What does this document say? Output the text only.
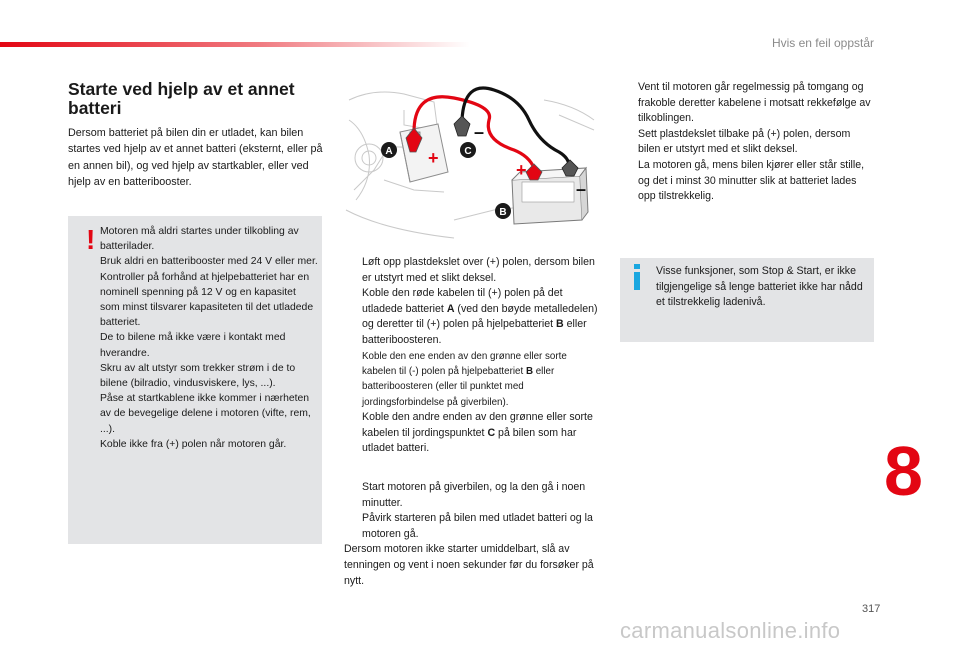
Hvis en feil oppstår
Starte ved hjelp av et annet batteri

Dersom batteriet på bilen din er utladet, kan bilen startes ved hjelp av et annet batteri (eksternt, eller på en annen bil), og ved hjelp av startkabler, eller ved hjelp av en batteribooster.

! Motoren må aldri startes under tilkobling av batterilader.
Bruk aldri en batteribooster med 24 V eller mer.
Kontroller på forhånd at hjelpebatteriet har en nominell spenning på 12 V og en kapasitet som minst tilsvarer kapasiteten til det utladede batteriet.
De to bilene må ikke være i kontakt med hverandre.
Skru av alt utstyr som trekker strøm i de to bilene (bilradio, vindusviskere, lys, ...).
Påse at startkablene ikke kommer i nærheten av de bevegelige delene i motoren (vifte, rem, ...).
Koble ikke fra (+) polen når motoren går.
+
–
+
–
A	C
B
Løft opp plastdekslet over (+) polen, dersom bilen er utstyrt med et slikt deksel.
Koble den røde kabelen til (+) polen på det utladede batteriet A (ved den bøyde metalledelen) og deretter til (+) polen på hjelpebatteriet B eller batteriboosteren.
Koble den ene enden av den grønne eller sorte kabelen til (-) polen på hjelpebatteriet B eller batteriboosteren (eller til punktet med jordingsforbindelse på giverbilen).
Koble den andre enden av den grønne eller sorte kabelen til jordingspunktet C på bilen som har utladet batteri.
Start motoren på giverbilen, og la den gå i noen minutter.
Påvirk starteren på bilen med utladet batteri og la motoren gå.
Dersom motoren ikke starter umiddelbart, slå av tenningen og vent i noen sekunder før du forsøker på nytt.
Vent til motoren går regelmessig på tomgang og frakoble deretter kabelene i motsatt rekkefølge av tilkoblingen.
Sett plastdekslet tilbake på (+) polen, dersom bilen er utstyrt med et slikt deksel.
La motoren gå, mens bilen kjører eller står stille, og det i minst 30 minutter slik at batteriet lades opp tilstrekkelig.
Visse funksjoner, som Stop & Start, er ikke tilgjengelige så lenge batteriet ikke har nådd et tilstrekkelig ladenivå.
8
317
carmanualsonline.info
